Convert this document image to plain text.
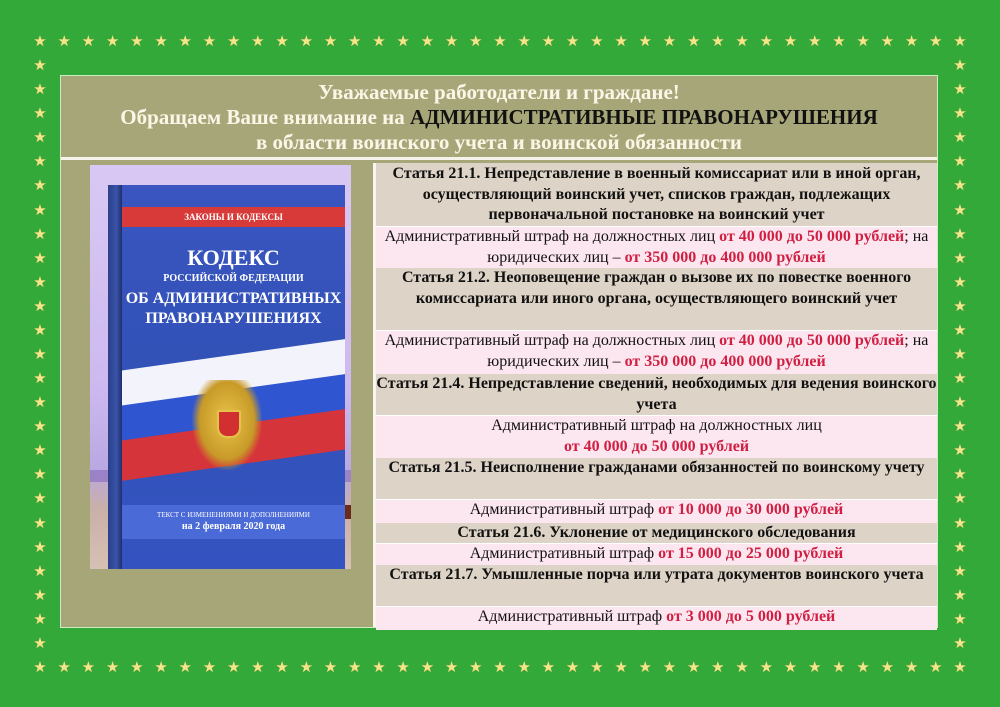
★
★
★
★
★
★
★
★
★
★
★
★
★
★
★
★
★
★
★
★
★
★
★
★
★
★
★
★
★
★
★
★
★
★
★
★
★
★
★
★
★
★
★
★
★
★
★
★
★
★
★
★
★
★
★
★
★
★
★
★
★
★
★
★
★
★
★
★
★
★
★
★
★
★
★
★
★
★
★	★
★	★
★	★
★	★
★	★
★	★
★	★
★	★
★	★
★	★
★	★
★	★
★	★
★	★
★	★
★	★
★	★
★	★
★	★
★	★
★	★
★	★
★	★
★	★
★	★
Уважаемые работодатели и граждане!
Обращаем Ваше внимание на АДМИНИСТРАТИВНЫЕ ПРАВОНАРУШЕНИЯ
в области воинского учета и воинской обязанности
ЗАКОНЫ И КОДЕКСЫ
КОДЕКС
РОССИЙСКОЙ ФЕДЕРАЦИИ
ОБ АДМИНИСТРАТИВНЫХ ПРАВОНАРУШЕНИЯХ
ТЕКСТ С ИЗМЕНЕНИЯМИ И ДОПОЛНЕНИЯМИ
на 2 февраля 2020 года
Статья 21.1. Непредставление в военный комиссариат или в иной орган, осуществляющий воинский учет, списков граждан, подлежащих первоначальной постановке на воинский учет
Административный штраф на должностных лиц от 40 000 до 50 000 рублей; на юридических лиц – от 350 000 до 400 000 рублей
Статья 21.2. Неоповещение граждан о вызове их по повестке военного комиссариата или иного органа, осуществляющего воинский учет
Административный штраф на должностных лиц от 40 000 до 50 000 рублей; на юридических лиц – от 350 000 до 400 000 рублей
Статья 21.4. Непредставление сведений, необходимых для ведения воинского учета
Административный штраф на должностных лиц
от 40 000 до 50 000 рублей
Статья 21.5. Неисполнение гражданами обязанностей по воинскому учету
Административный штраф от 10 000 до 30 000 рублей
Статья 21.6. Уклонение от медицинского обследования
Административный штраф от 15 000 до 25 000 рублей
Статья 21.7. Умышленные порча или утрата документов воинского учета
Административный штраф от 3 000 до 5 000 рублей
